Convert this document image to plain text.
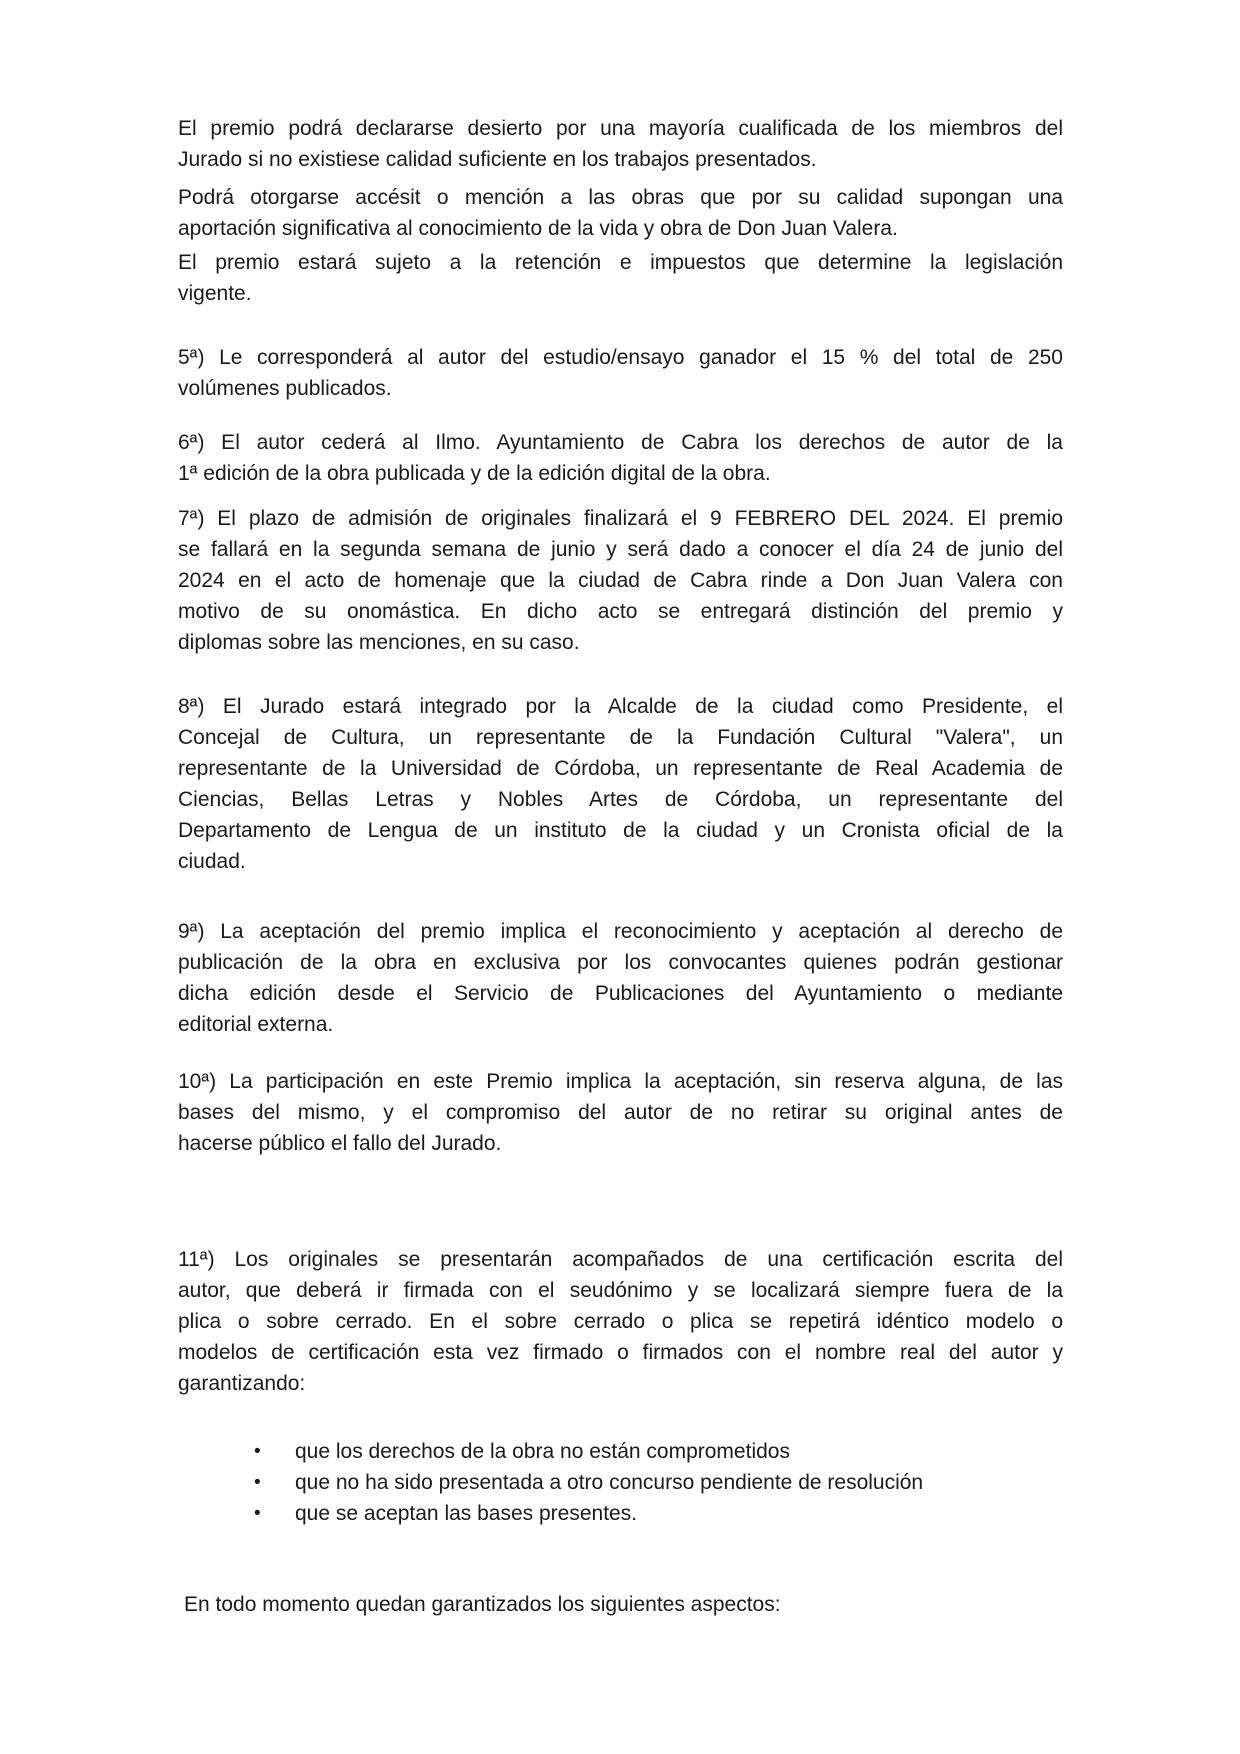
El premio podrá declararse desierto por una mayoría cualificada de los miembros del
Jurado si no existiese calidad suficiente en los trabajos presentados.
Podrá otorgarse accésit o mención a las obras que por su calidad supongan una
aportación significativa al conocimiento de la vida y obra de Don Juan Valera.
El premio estará sujeto a la retención e impuestos que determine la legislación
vigente.
5ª) Le corresponderá al autor del estudio/ensayo ganador el 15 % del total de 250
volúmenes publicados.
6ª) El autor cederá al Ilmo. Ayuntamiento de Cabra los derechos de autor de la
1ª edición de la obra publicada y de la edición digital de la obra.
7ª) El plazo de admisión de originales finalizará el 9 FEBRERO DEL 2024. El premio
se fallará en la segunda semana de junio y será dado a conocer el día 24 de junio del
2024 en el acto de homenaje que la ciudad de Cabra rinde a Don Juan Valera con
motivo de su onomástica. En dicho acto se entregará distinción del premio y
diplomas sobre las menciones, en su caso.
8ª) El Jurado estará integrado por la Alcalde de la ciudad como Presidente, el
Concejal de Cultura, un representante de la Fundación Cultural "Valera", un
representante de la Universidad de Córdoba, un representante de Real Academia de
Ciencias, Bellas Letras y Nobles Artes de Córdoba, un representante del
Departamento de Lengua de un instituto de la ciudad y un Cronista oficial de la
ciudad.
9ª) La aceptación del premio implica el reconocimiento y aceptación al derecho de
publicación de la obra en exclusiva por los convocantes quienes podrán gestionar
dicha edición desde el Servicio de Publicaciones del Ayuntamiento o mediante
editorial externa.
10ª) La participación en este Premio implica la aceptación, sin reserva alguna, de las
bases del mismo, y el compromiso del autor de no retirar su original antes de
hacerse público el fallo del Jurado.
11ª) Los originales se presentarán acompañados de una certificación escrita del
autor, que deberá ir firmada con el seudónimo y se localizará siempre fuera de la
plica o sobre cerrado. En el sobre cerrado o plica se repetirá idéntico modelo o
modelos de certificación esta vez firmado o firmados con el nombre real del autor y
garantizando:
•	que los derechos de la obra no están comprometidos
•	que no ha sido presentada a otro concurso pendiente de resolución
•	que se aceptan las bases presentes.
En todo momento quedan garantizados los siguientes aspectos:
